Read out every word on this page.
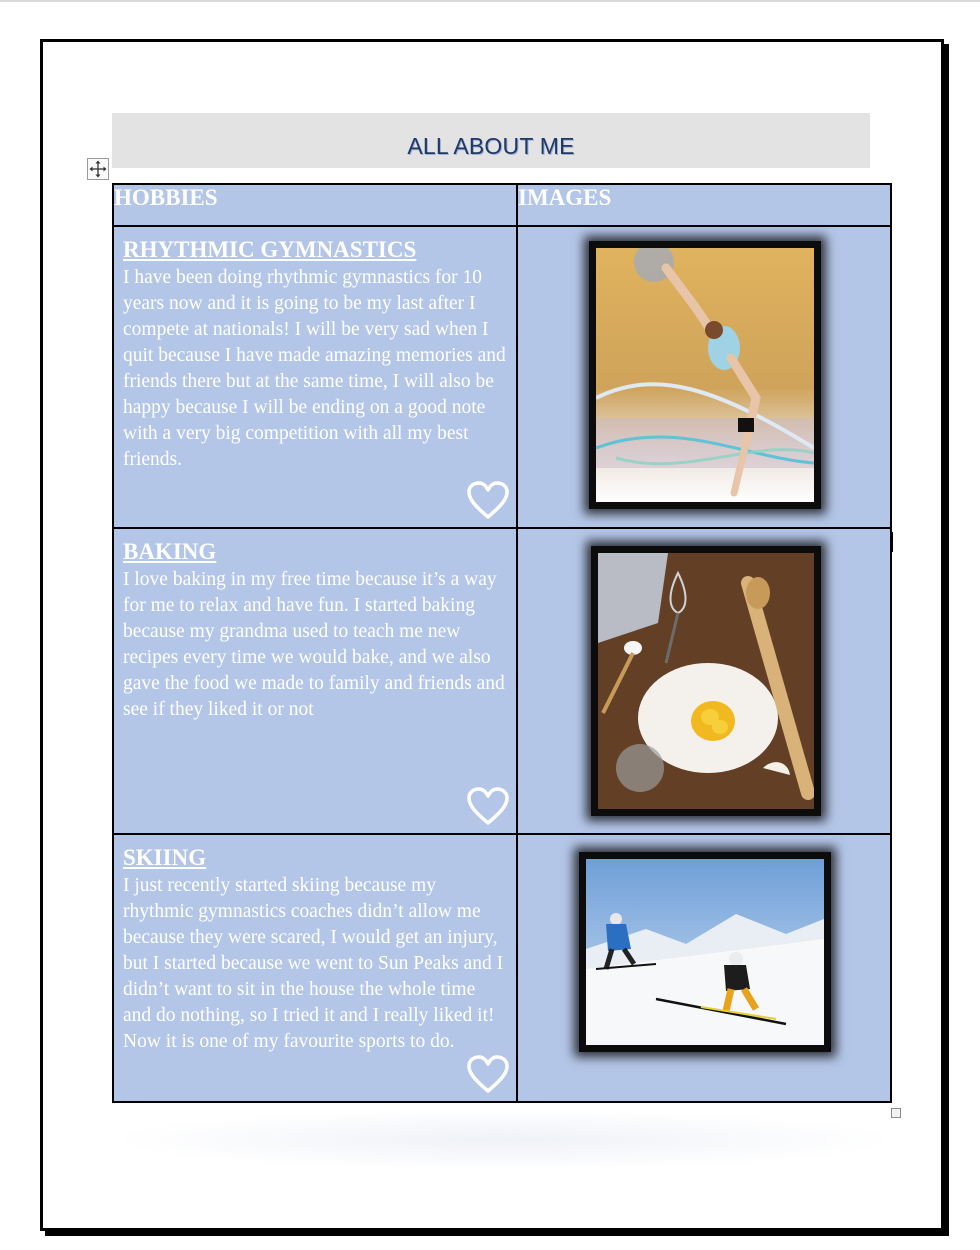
ALL ABOUT ME
HOBBIES	IMAGES

RHYTHMIC GYMNASTICS
I have been doing rhythmic gymnastics for 10 years now and it is going to be my last after I compete at nationals! I will be very sad when I quit because I have made amazing memories and friends there but at the same time, I will also be happy because I will be ending on a good note with a very big competition with all my best friends.

BAKING
I love baking in my free time because it’s a way for me to relax and have fun. I started baking because my grandma used to teach me new recipes every time we would bake, and we also gave the food we made to family and friends and see if they liked it or not

SKIING
I just recently started skiing because my rhythmic gymnastics coaches didn’t allow me because they were scared, I would get an injury, but I started because we went to Sun Peaks and I didn’t want to sit in the house the whole time and do nothing, so I tried it and I really liked it! Now it is one of my favourite sports to do.
